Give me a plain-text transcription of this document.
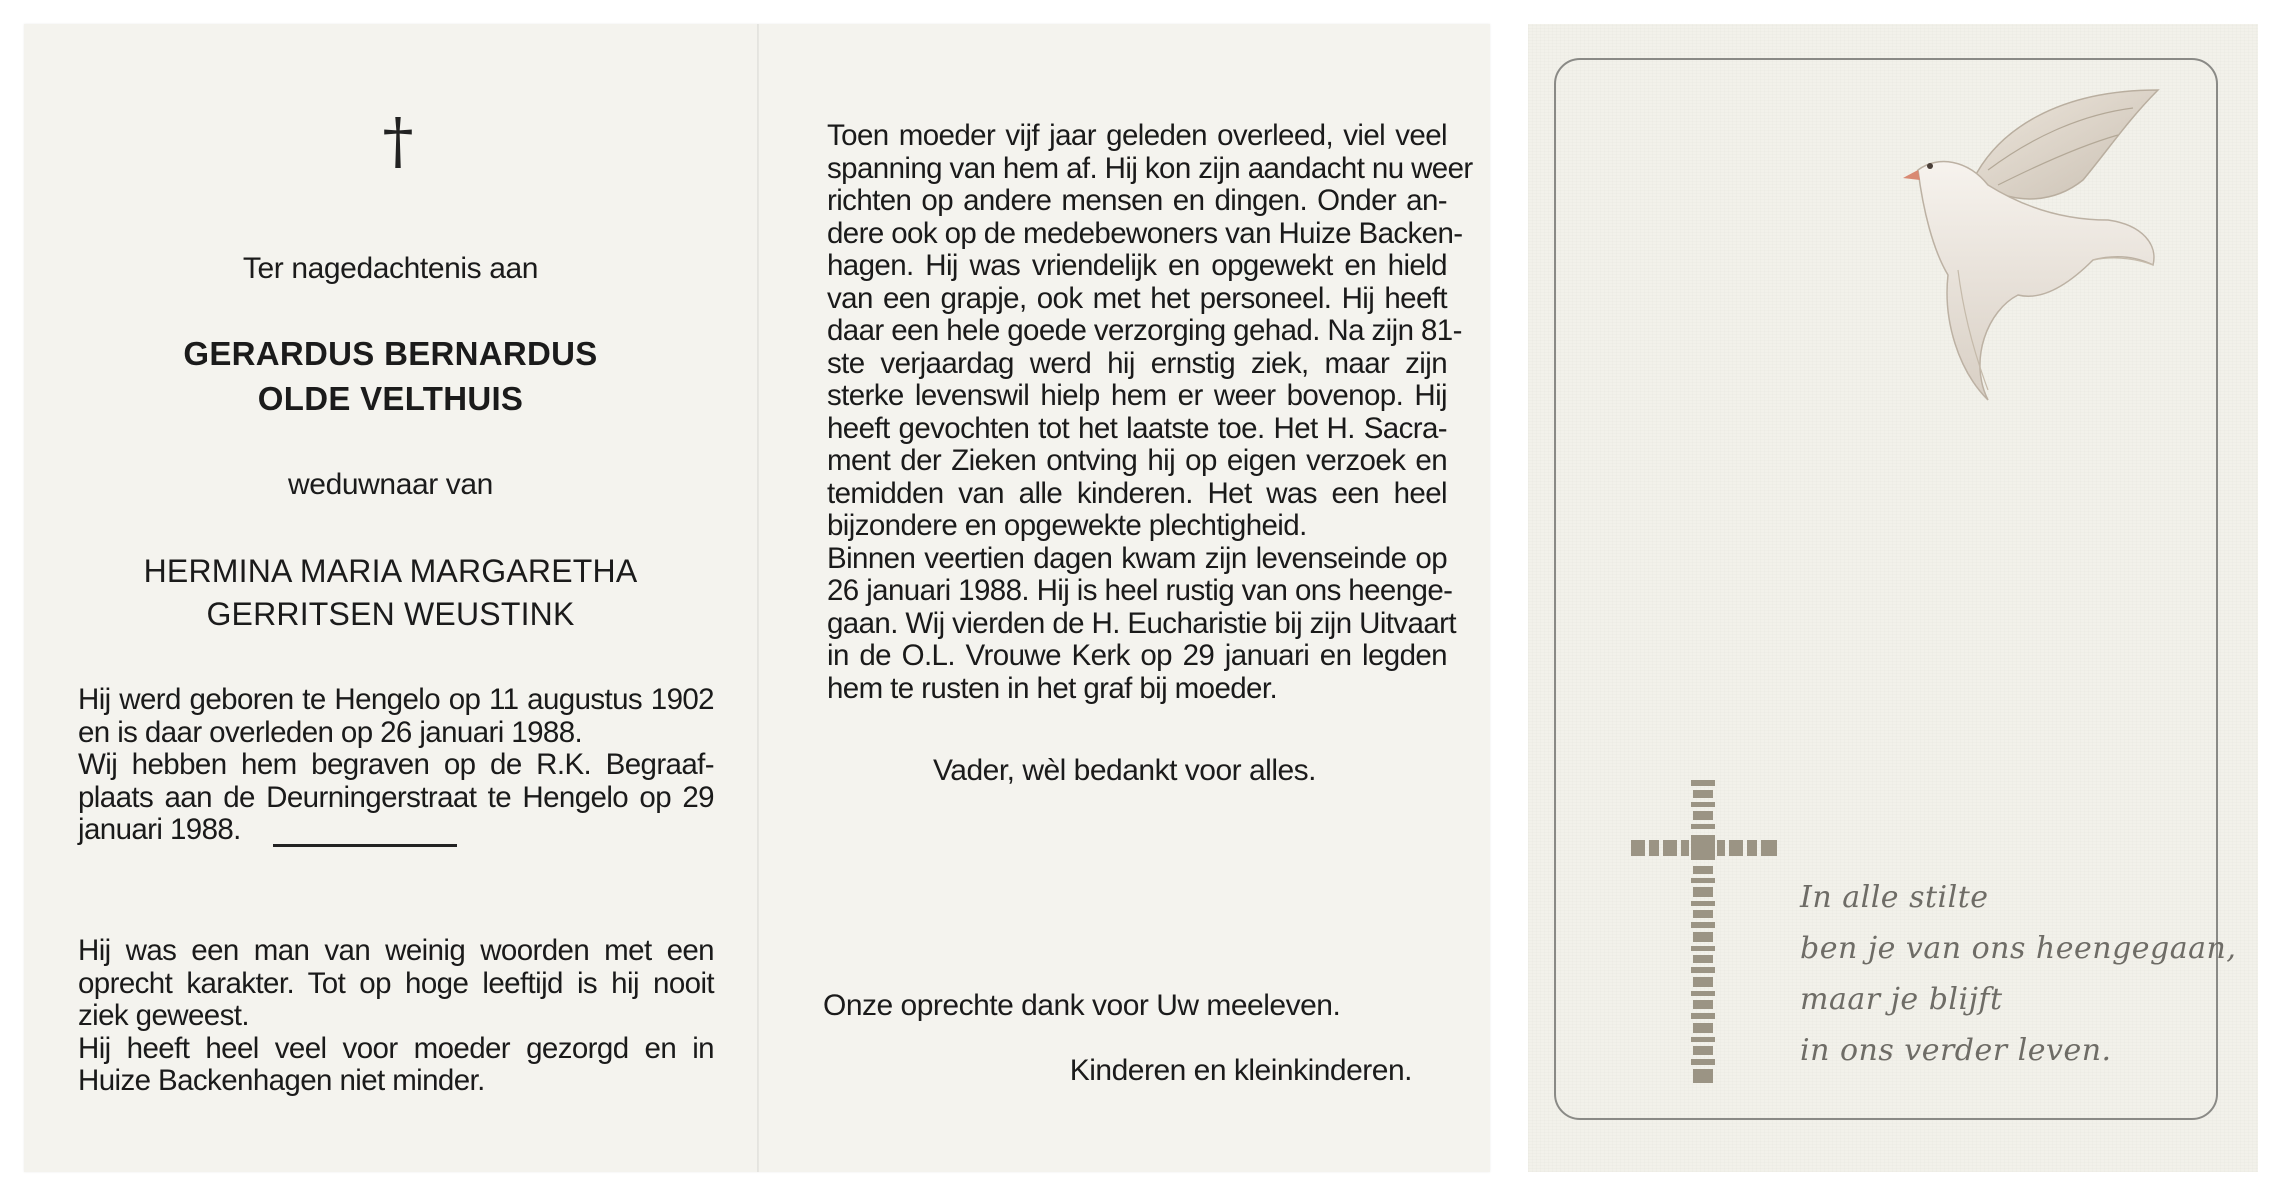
†
Ter nagedachtenis aan
GERARDUS BERNARDUS
OLDE VELTHUIS
weduwnaar van
HERMINA MARIA MARGARETHA
GERRITSEN WEUSTINK
Hij werd geboren te Hengelo op 11 augustus 1902
en is daar overleden op 26 januari 1988.
Wij hebben hem begraven op de R.K. Begraaf-
plaats aan de Deurningerstraat te Hengelo op 29
januari 1988.
Hij was een man van weinig woorden met een
oprecht karakter. Tot op hoge leeftijd is hij nooit
ziek geweest.
Hij heeft heel veel voor moeder gezorgd en in
Huize Backenhagen niet minder.
Toen moeder vijf jaar geleden overleed, viel veel
spanning van hem af. Hij kon zijn aandacht nu weer
richten op andere mensen en dingen. Onder an-
dere ook op de medebewoners van Huize Backen-
hagen. Hij was vriendelijk en opgewekt en hield
van een grapje, ook met het personeel. Hij heeft
daar een hele goede verzorging gehad. Na zijn 81-
ste verjaardag werd hij ernstig ziek, maar zijn
sterke levenswil hielp hem er weer bovenop. Hij
heeft gevochten tot het laatste toe. Het H. Sacra-
ment der Zieken ontving hij op eigen verzoek en
temidden van alle kinderen. Het was een heel
bijzondere en opgewekte plechtigheid.
Binnen veertien dagen kwam zijn levenseinde op
26 januari 1988. Hij is heel rustig van ons heenge-
gaan. Wij vierden de H. Eucharistie bij zijn Uitvaart
in de O.L. Vrouwe Kerk op 29 januari en legden
hem te rusten in het graf bij moeder.
Vader, wèl bedankt voor alles.
Onze oprechte dank voor Uw meeleven.
Kinderen en kleinkinderen.
In alle stilte
ben je van ons heengegaan,
maar je blijft
in ons verder leven.
